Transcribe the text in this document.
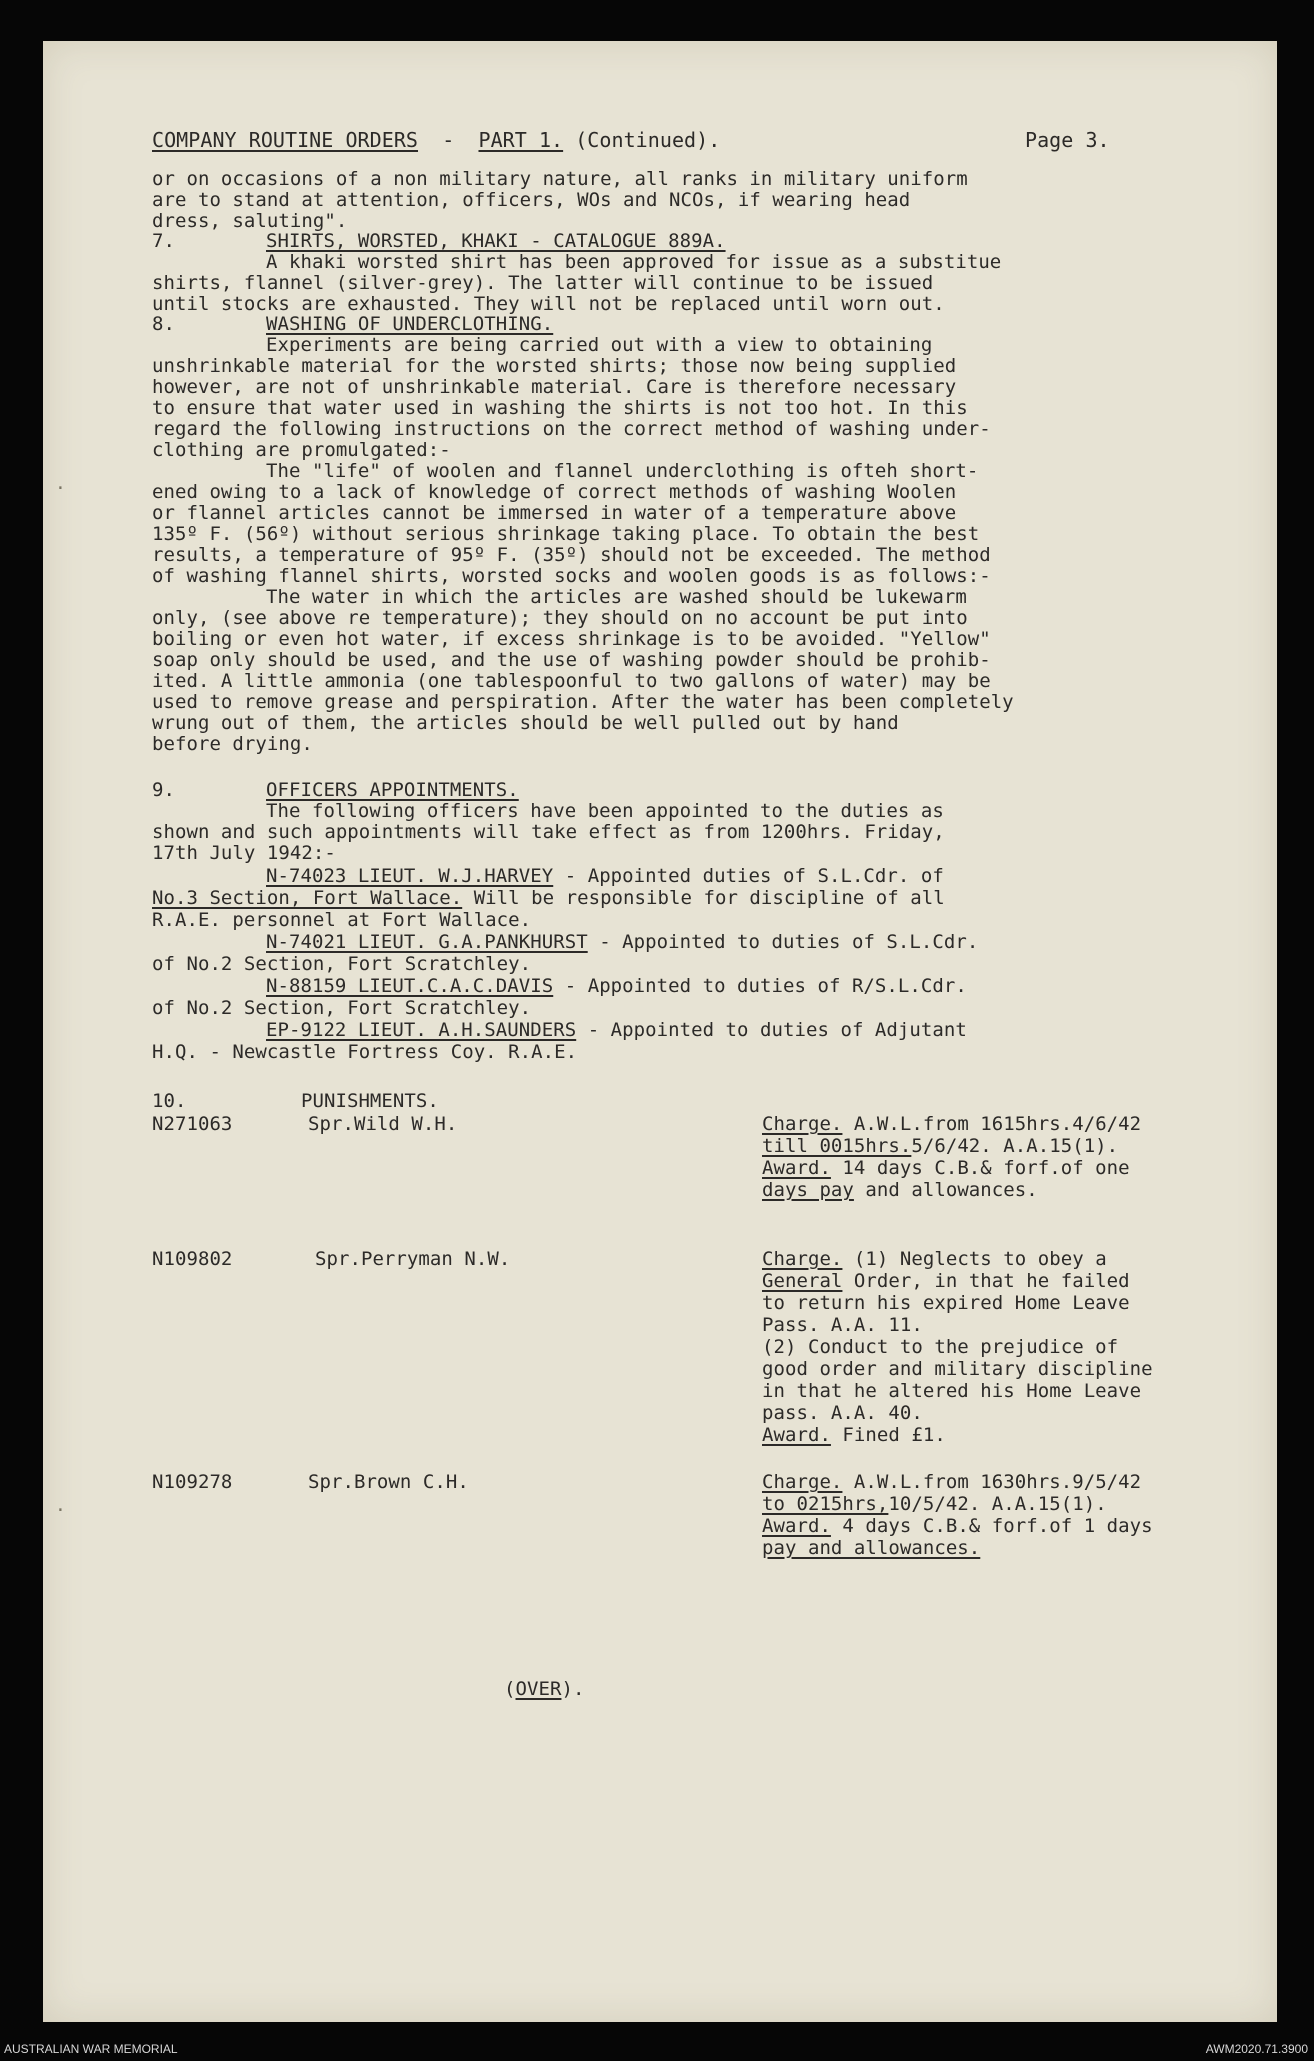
COMPANY ROUTINE ORDERS - PART 1. (Continued).	Page 3.

or on occasions of a non military nature, all ranks in military uniform

are to stand at attention, officers, WOs and NCOs, if wearing head

dress, saluting".

7.	SHIRTS, WORSTED, KHAKI - CATALOGUE 889A.

A khaki worsted shirt has been approved for issue as a substitue

shirts, flannel (silver-grey). The latter will continue to be issued

until stocks are exhausted. They will not be replaced until worn out.

8.	WASHING OF UNDERCLOTHING.

Experiments are being carried out with a view to obtaining

unshrinkable material for the worsted shirts; those now being supplied

however, are not of unshrinkable material. Care is therefore necessary

to ensure that water used in washing the shirts is not too hot. In this

regard the following instructions on the correct method of washing under-

clothing are promulgated:-

The "life" of woolen and flannel underclothing is ofteh short-

ened owing to a lack of knowledge of correct methods of washing Woolen

or flannel articles cannot be immersed in water of a temperature above

135º F. (56º) without serious shrinkage taking place. To obtain the best

results, a temperature of 95º F. (35º) should not be exceeded. The method

of washing flannel shirts, worsted socks and woolen goods is as follows:-

The water in which the articles are washed should be lukewarm

only, (see above re temperature); they should on no account be put into

boiling or even hot water, if excess shrinkage is to be avoided. "Yellow"

soap only should be used, and the use of washing powder should be prohib-

ited. A little ammonia (one tablespoonful to two gallons of water) may be

used to remove grease and perspiration. After the water has been completely

wrung out of them, the articles should be well pulled out by hand

before drying.

9.	OFFICERS APPOINTMENTS.

The following officers have been appointed to the duties as

shown and such appointments will take effect as from 1200hrs. Friday,

17th July 1942:-

N-74023 LIEUT. W.J.HARVEY - Appointed duties of S.L.Cdr. of

No.3 Section, Fort Wallace. Will be responsible for discipline of all

R.A.E. personnel at Fort Wallace.

N-74021 LIEUT. G.A.PANKHURST - Appointed to duties of S.L.Cdr.

of No.2 Section, Fort Scratchley.

N-88159 LIEUT.C.A.C.DAVIS - Appointed to duties of R/S.L.Cdr.

of No.2 Section, Fort Scratchley.

EP-9122 LIEUT. A.H.SAUNDERS - Appointed to duties of Adjutant

H.Q. - Newcastle Fortress Coy. R.A.E.

10.	PUNISHMENTS.

N271063	Spr.Wild W.H.	Charge. A.W.L.from 1615hrs.4/6/42

till 0015hrs.5/6/42. A.A.15(1).

Award. 14 days C.B.& forf.of one

days pay and allowances.

N109802	Spr.Perryman N.W.	Charge. (1) Neglects to obey a

General Order, in that he failed

to return his expired Home Leave

Pass. A.A. 11.

(2) Conduct to the prejudice of

good order and military discipline

in that he altered his Home Leave

pass. A.A. 40.

Award. Fined £1.

N109278	Spr.Brown C.H.	Charge. A.W.L.from 1630hrs.9/5/42

to 0215hrs,10/5/42. A.A.15(1).

Award. 4 days C.B.& forf.of 1 days

pay and allowances.

(OVER).

·
·
AUSTRALIAN WAR MEMORIAL	AWM2020.71.3900
